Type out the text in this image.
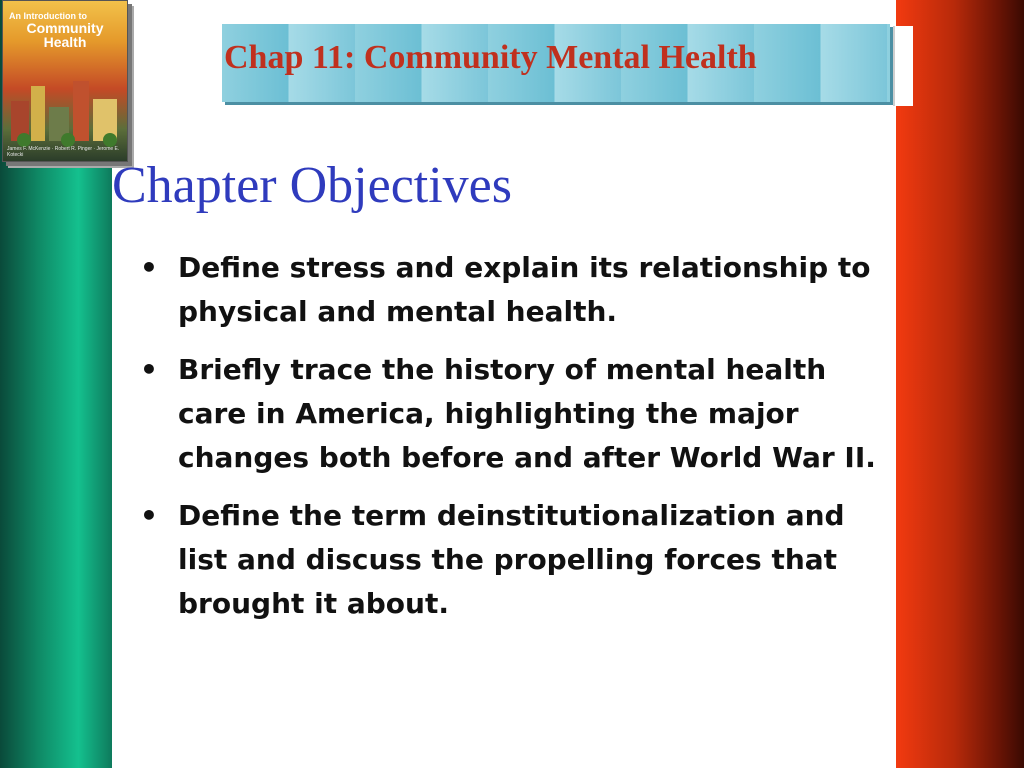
An Introduction to
Community Health
James F. McKenzie · Robert R. Pinger · Jerome E. Kotecki
Chap 11: Community Mental Health
Chapter Objectives
• Define stress and explain its relationship to physical and mental health.
• Briefly trace the history of mental health care in America, highlighting the major changes both before and after World War II.
• Define the term deinstitutionalization and list and discuss the propelling forces that brought it about.
